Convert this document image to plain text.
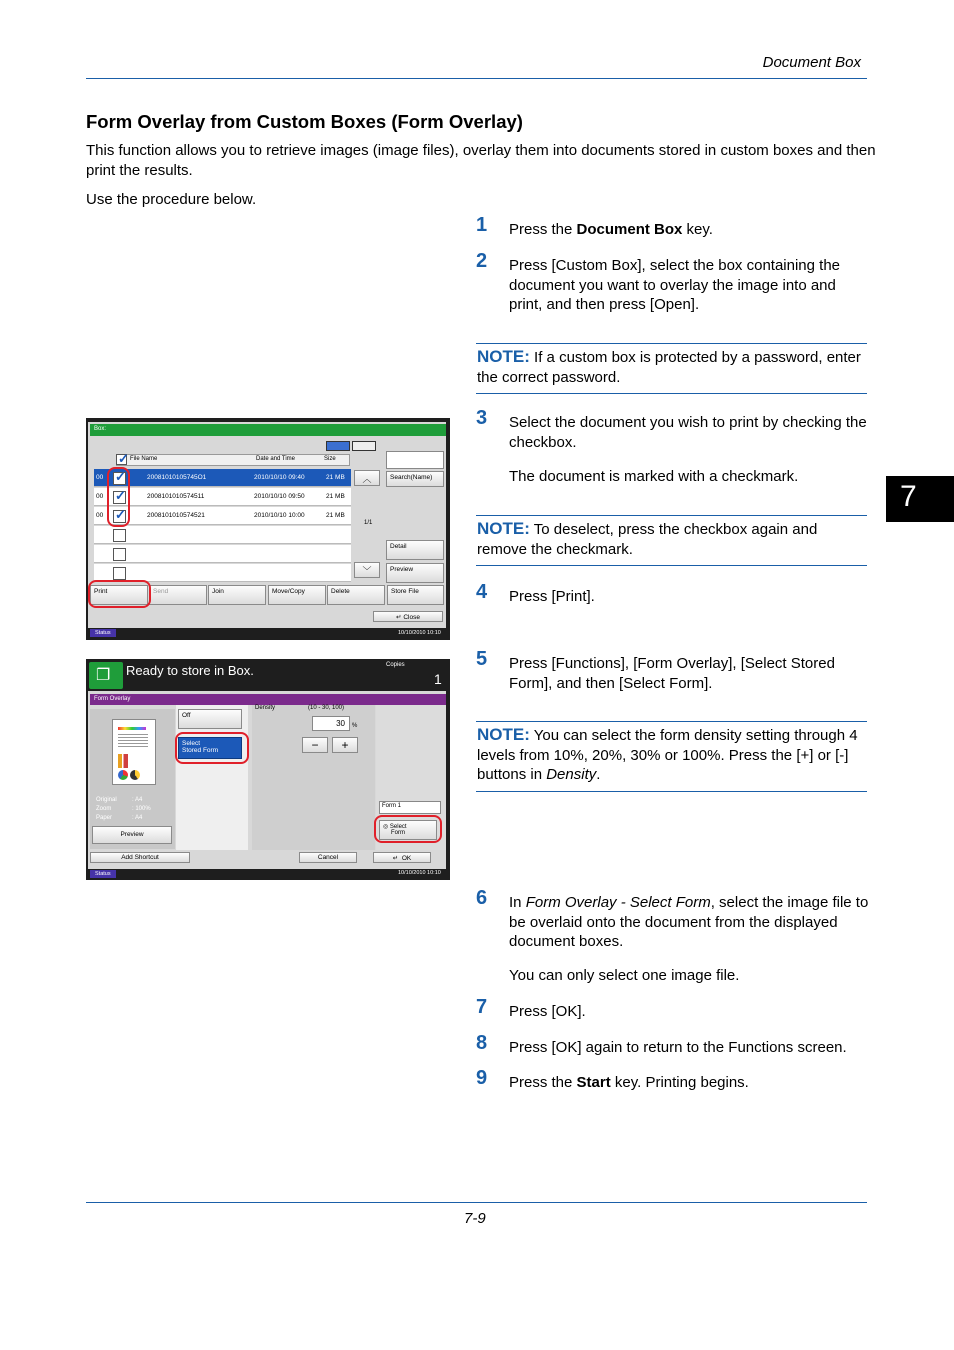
Document Box
7
Form Overlay from Custom Boxes (Form Overlay)
This function allows you to retrieve images (image files), overlay them into documents stored in custom boxes and then print the results.
Use the procedure below.
1 Press the Document Box key.
2 Press [Custom Box], select the box containing the document you want to overlay the image into and print, and then press [Open].
NOTE: If a custom box is protected by a password, enter the correct password.
3 Select the document you wish to print by checking the checkbox.
The document is marked with a checkmark.
NOTE: To deselect, press the checkbox again and remove the checkmark.
4 Press [Print].
5 Press [Functions], [Form Overlay], [Select Stored Form], and then [Select Form].
NOTE: You can select the form density setting through 4 levels from 10%, 20%, 30% or 100%. Press the [+] or [-] buttons in Density.
6 In Form Overlay - Select Form, select the image file to be overlaid onto the document from the displayed document boxes.
You can only select one image file.
7 Press [OK].
8 Press [OK] again to return to the Functions screen.
9 Press the Start key. Printing begins.
Box:
✓
File Name	Date and Time	Size
00	20081010105745O1	2010/10/10 09:40	21 MB
00	2008101010574511	2010/10/10 09:50	21 MB
00	2008101010574521	2010/10/10 10:00	21 MB
✓
✓
✓
︿
1/1
﹀
Search(Name)
Detail
Preview
Print	Send	Join	Move/Copy	Delete	Store File
↵ Close
Status	10/10/2010 10:10
❐ Ready to store in Box.	Copies
1
Form Overlay
Original	: A4
Zoom	: 100%
Paper	: A4
Preview
Off
Select
Stored Form
Density	(10 - 30, 100)
30	%
−	+
Form 1
◎ Select
Form
Add Shortcut	Cancel	↵  OK
Status	10/10/2010 10:10
7-9
